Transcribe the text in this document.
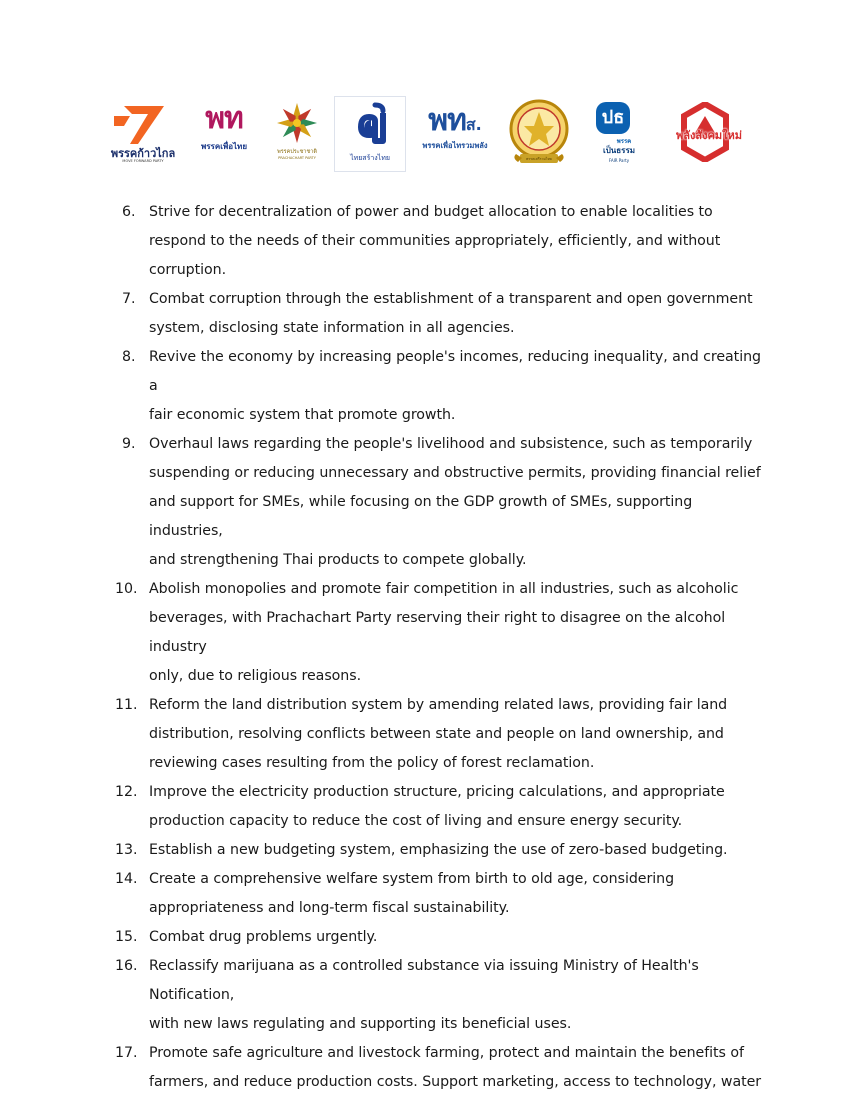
พรรคก้าวไกล
MOVE FORWARD PARTY
พท
พรรคเพื่อไทย
พรรคประชาชาติ
PRACHACHART PARTY	ไทยสร้างไทย
พทส.
พรรคเพื่อไทรวมพลัง
พรรคเสรีรวมไทย
ปธ
พรรค
เป็นธรรม
FAIR Party
พลังสังคมใหม่
6. Strive for decentralization of power and budget allocation to enable localities to
respond to the needs of their communities appropriately, efficiently, and without
corruption.
7. Combat corruption through the establishment of a transparent and open government
system, disclosing state information in all agencies.
8. Revive the economy by increasing people's incomes, reducing inequality, and creating a
fair economic system that promote growth.
9. Overhaul laws regarding the people's livelihood and subsistence, such as temporarily
suspending or reducing unnecessary and obstructive permits, providing financial relief
and support for SMEs, while focusing on the GDP growth of SMEs, supporting industries,
and strengthening Thai products to compete globally.
10. Abolish monopolies and promote fair competition in all industries, such as alcoholic
beverages, with Prachachart Party reserving their right to disagree on the alcohol industry
only, due to religious reasons.
11. Reform the land distribution system by amending related laws, providing fair land
distribution, resolving conflicts between state and people on land ownership, and
reviewing cases resulting from the policy of forest reclamation.
12. Improve the electricity production structure, pricing calculations, and appropriate
production capacity to reduce the cost of living and ensure energy security.
13. Establish a new budgeting system, emphasizing the use of zero-based budgeting.
14. Create a comprehensive welfare system from birth to old age, considering
appropriateness and long-term fiscal sustainability.
15. Combat drug problems urgently.
16. Reclassify marijuana as a controlled substance via issuing Ministry of Health's Notification,
with new laws regulating and supporting its beneficial uses.
17. Promote safe agriculture and livestock farming, protect and maintain the benefits of
farmers, and reduce production costs. Support marketing, access to technology, water
